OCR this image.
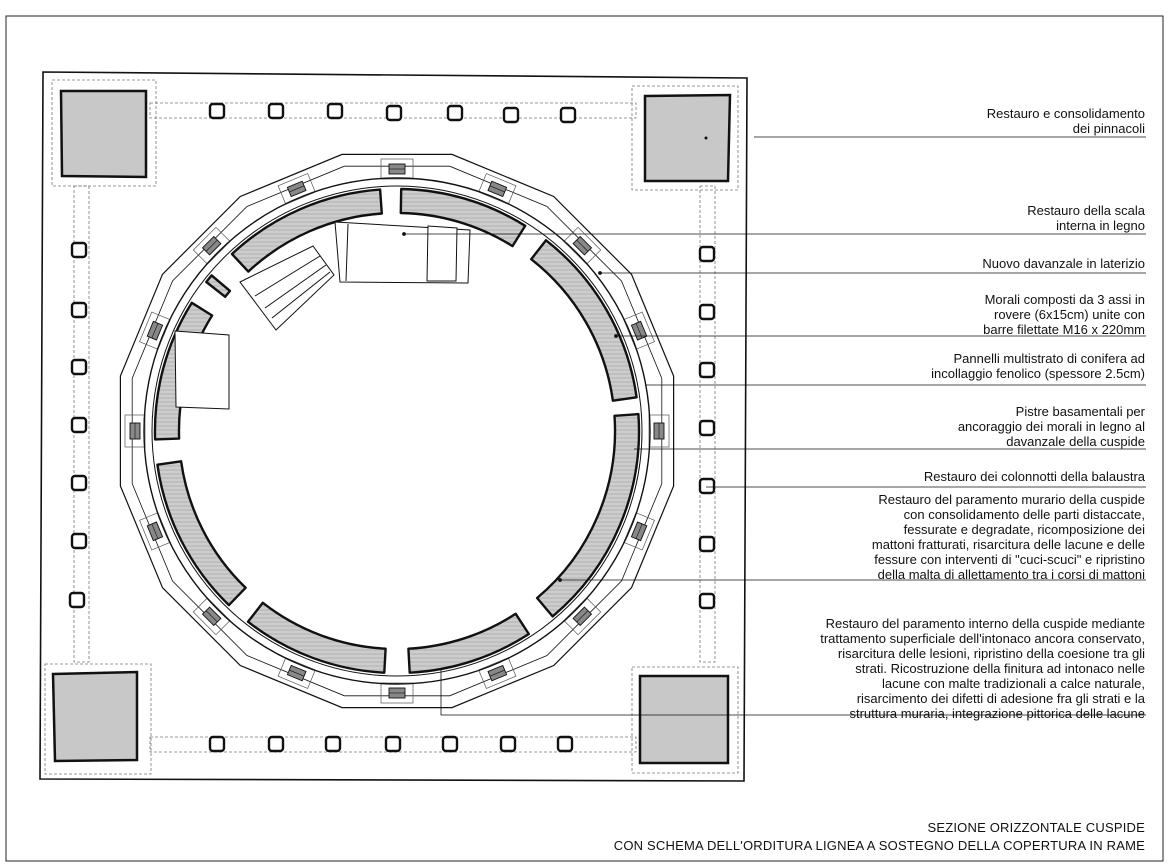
Restauro e consolidamento
dei pinnacoli
Restauro della scala
interna in legno
Nuovo davanzale in laterizio
Morali composti da 3 assi in
rovere (6x15cm) unite con
barre filettate M16 x 220mm
Pannelli multistrato di conifera ad
incollaggio fenolico (spessore 2.5cm)
Pistre basamentali per
ancoraggio dei morali in legno al
davanzale della cuspide
Restauro dei colonnotti della balaustra
Restauro del paramento murario della cuspide
con consolidamento delle parti distaccate,
fessurate e degradate, ricomposizione dei
mattoni fratturati, risarcitura delle lacune e delle
fessure con interventi di "cuci-scuci" e ripristino
della malta di allettamento tra i corsi di mattoni
Restauro del paramento interno della cuspide mediante
trattamento superficiale dell'intonaco ancora conservato,
risarcitura delle lesioni, ripristino della coesione tra gli
strati. Ricostruzione della finitura ad intonaco nelle
lacune con malte tradizionali a calce naturale,
risarcimento dei difetti di adesione fra gli strati e la
struttura muraria, integrazione pittorica delle lacune
SEZIONE ORIZZONTALE CUSPIDE
CON SCHEMA DELL'ORDITURA LIGNEA A SOSTEGNO DELLA COPERTURA IN RAME
